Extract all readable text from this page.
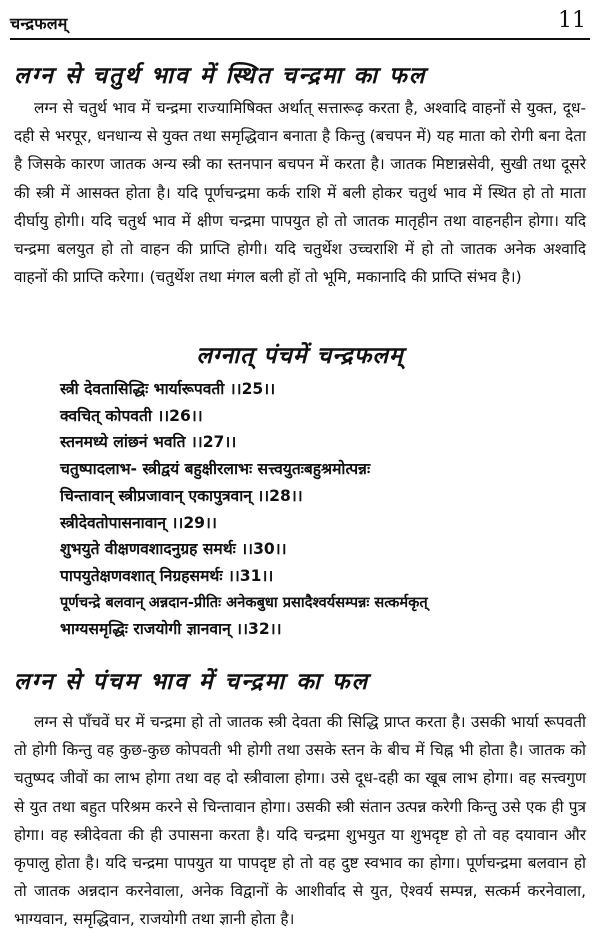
चन्द्रफलम्	11
लग्न से चतुर्थ भाव में स्थित चन्द्रमा का फल

लग्न से चतुर्थ भाव में चन्द्रमा राज्यामिषिक्त अर्थात् सत्तारूढ़ करता है, अश्वादि वाहनों से युक्त, दूध-दही से भरपूर, धनधान्य से युक्त तथा समृद्धिवान बनाता है किन्तु (बचपन में) यह माता को रोगी बना देता है जिसके कारण जातक अन्य स्त्री का स्तनपान बचपन में करता है। जातक मिष्टान्नसेवी, सुखी तथा दूसरे की स्त्री में आसक्त होता है। यदि पूर्णचन्द्रमा कर्क राशि में बली होकर चतुर्थ भाव में स्थित हो तो माता दीर्घायु होगी। यदि चतुर्थ भाव में क्षीण चन्द्रमा पापयुत हो तो जातक मातृहीन तथा वाहनहीन होगा। यदि चन्द्रमा बलयुत हो तो वाहन की प्राप्ति होगी। यदि चतुर्थेश उच्चराशि में हो तो जातक अनेक अश्वादि वाहनों की प्राप्ति करेगा। (चतुर्थेश तथा मंगल बली हों तो भूमि, मकानादि की प्राप्ति संभव है।)

लग्नात् पंचमें चन्द्रफलम्
स्त्री देवतासिद्धिः भार्यारूपवती ।।25।।
क्वचित् कोपवती ।।26।।
स्तनमध्ये लांछनं भवति ।।27।।
चतुष्पादलाभ- स्त्रीद्वयं बहुक्षीरलाभः सत्त्वयुतःबहुश्रमोत्पन्नः
चिन्तावान् स्त्रीप्रजावान् एकापुत्रवान् ।।28।।
स्त्रीदेवतोपासनावान् ।।29।।
शुभयुते वीक्षणवशादनुग्रह समर्थः ।।30।।
पापयुतेक्षणवशात् निग्रहसमर्थः ।।31।।
पूर्णचन्द्रे बलवान् अन्नदान-प्रीतिः अनेकबुधा प्रसादैश्वर्यसम्पन्नः सत्कर्मकृत्
भाग्यसमृद्धिः राजयोगी ज्ञानवान् ।।32।।
लग्न से पंचम भाव में चन्द्रमा का फल

लग्न से पाँचवें घर में चन्द्रमा हो तो जातक स्त्री देवता की सिद्धि प्राप्त करता है। उसकी भार्या रूपवती तो होगी किन्तु वह कुछ-कुछ कोपवती भी होगी तथा उसके स्तन के बीच में चिह्न भी होता है। जातक को चतुष्पद जीवों का लाभ होगा तथा वह दो स्त्रीवाला होगा। उसे दूध-दही का खूब लाभ होगा। वह सत्त्वगुण से युत तथा बहुत परिश्रम करने से चिन्तावान होगा। उसकी स्त्री संतान उत्पन्न करेगी किन्तु उसे एक ही पुत्र होगा। वह स्त्रीदेवता की ही उपासना करता है। यदि चन्द्रमा शुभयुत या शुभदृष्ट हो तो वह दयावान और कृपालु होता है। यदि चन्द्रमा पापयुत या पापदृष्ट हो तो वह दुष्ट स्वभाव का होगा। पूर्णचन्द्रमा बलवान हो तो जातक अन्नदान करनेवाला, अनेक विद्वानों के आशीर्वाद से युत, ऐश्वर्य सम्पन्न, सत्कर्म करनेवाला, भाग्यवान, समृद्धिवान, राजयोगी तथा ज्ञानी होता है।
